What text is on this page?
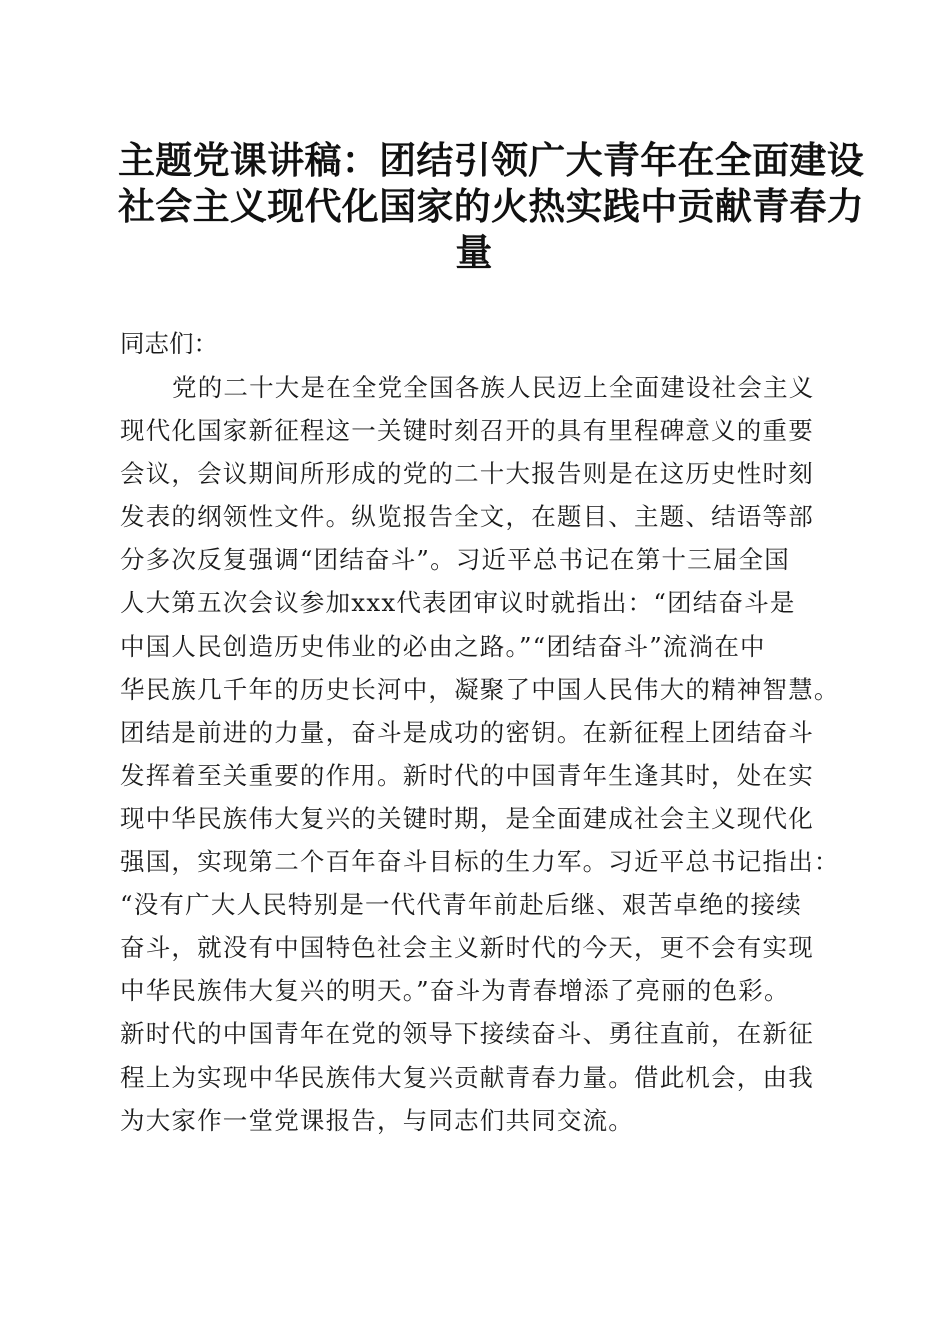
主题党课讲稿：团结引领广大青年在全面建设
社会主义现代化国家的火热实践中贡献青春力
量
同志们：
党的二十大是在全党全国各族人民迈上全面建设社会主义
现代化国家新征程这一关键时刻召开的具有里程碑意义的重要
会议，会议期间所形成的党的二十大报告则是在这历史性时刻
发表的纲领性文件。纵览报告全文，在题目、主题、结语等部
分多次反复强调“团结奋斗”。习近平总书记在第十三届全国
人大第五次会议参加xxx代表团审议时就指出：“团结奋斗是
中国人民创造历史伟业的必由之路。”“团结奋斗”流淌在中
华民族几千年的历史长河中，凝聚了中国人民伟大的精神智慧。
团结是前进的力量，奋斗是成功的密钥。在新征程上团结奋斗
发挥着至关重要的作用。新时代的中国青年生逢其时，处在实
现中华民族伟大复兴的关键时期，是全面建成社会主义现代化
强国，实现第二个百年奋斗目标的生力军。习近平总书记指出：
“没有广大人民特别是一代代青年前赴后继、艰苦卓绝的接续
奋斗，就没有中国特色社会主义新时代的今天，更不会有实现
中华民族伟大复兴的明天。”奋斗为青春增添了亮丽的色彩。
新时代的中国青年在党的领导下接续奋斗、勇往直前，在新征
程上为实现中华民族伟大复兴贡献青春力量。借此机会，由我
为大家作一堂党课报告，与同志们共同交流。
